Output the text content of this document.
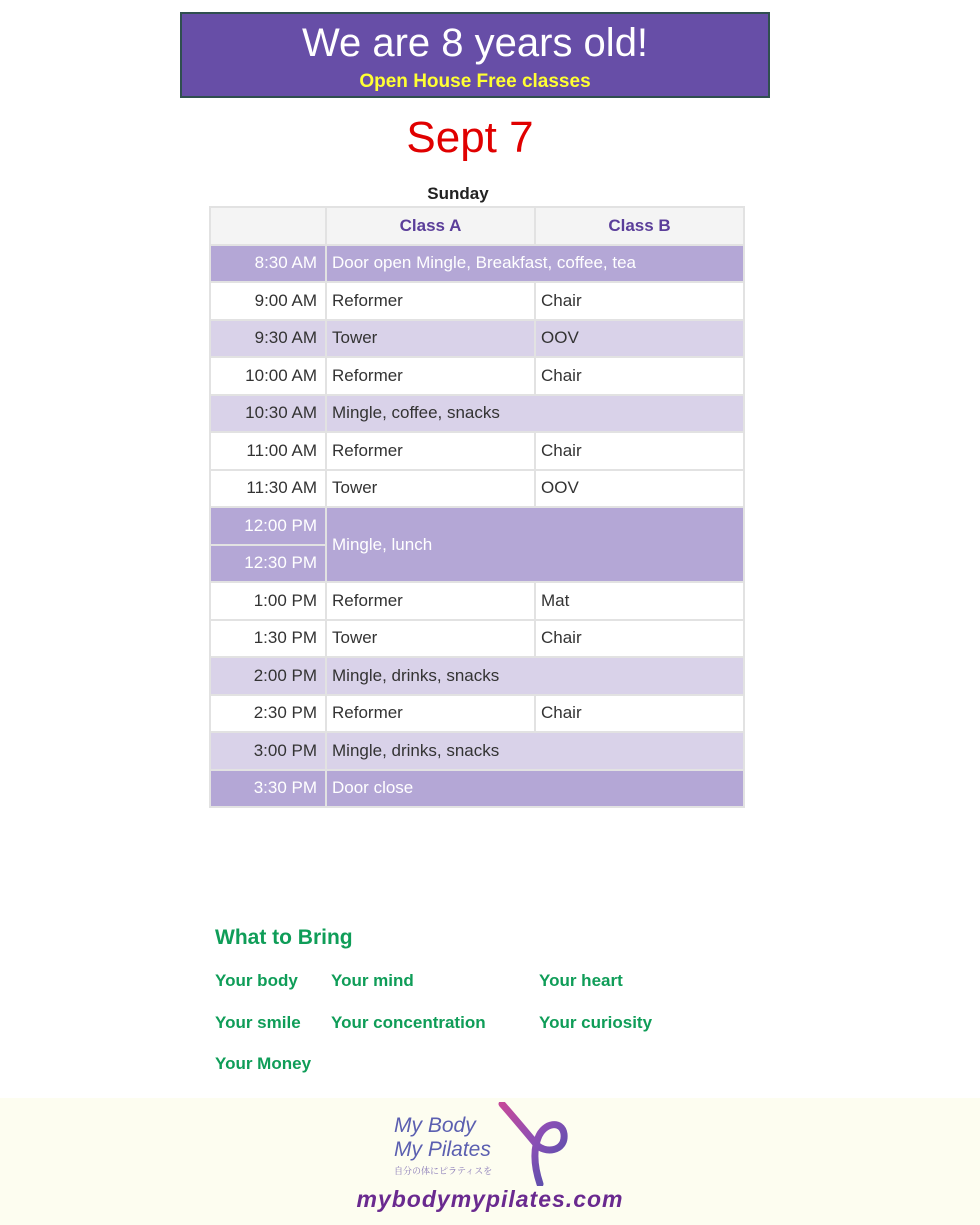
We are 8 years old!
Open House Free classes
Sept 7
Sunday
	Class A	Class B
8:30 AM	Door open Mingle, Breakfast, coffee, tea	
9:00 AM	Reformer	Chair
9:30 AM	Tower	OOV
10:00 AM	Reformer	Chair
10:30 AM	Mingle, coffee, snacks	
11:00 AM	Reformer	Chair
11:30 AM	Tower	OOV
12:00 PM	Mingle, lunch	
12:30 PM		
1:00 PM	Reformer	Mat
1:30 PM	Tower	Chair
2:00 PM	Mingle, drinks, snacks	
2:30 PM	Reformer	Chair
3:00 PM	Mingle, drinks, snacks	
3:30 PM	Door close	
What to Bring
Your body Your mind	Your heart
Your smile Your concentration	Your curiosity
Your Money
My Body
My Pilates
自分の体にピラティスを
mybodymypilates.com
